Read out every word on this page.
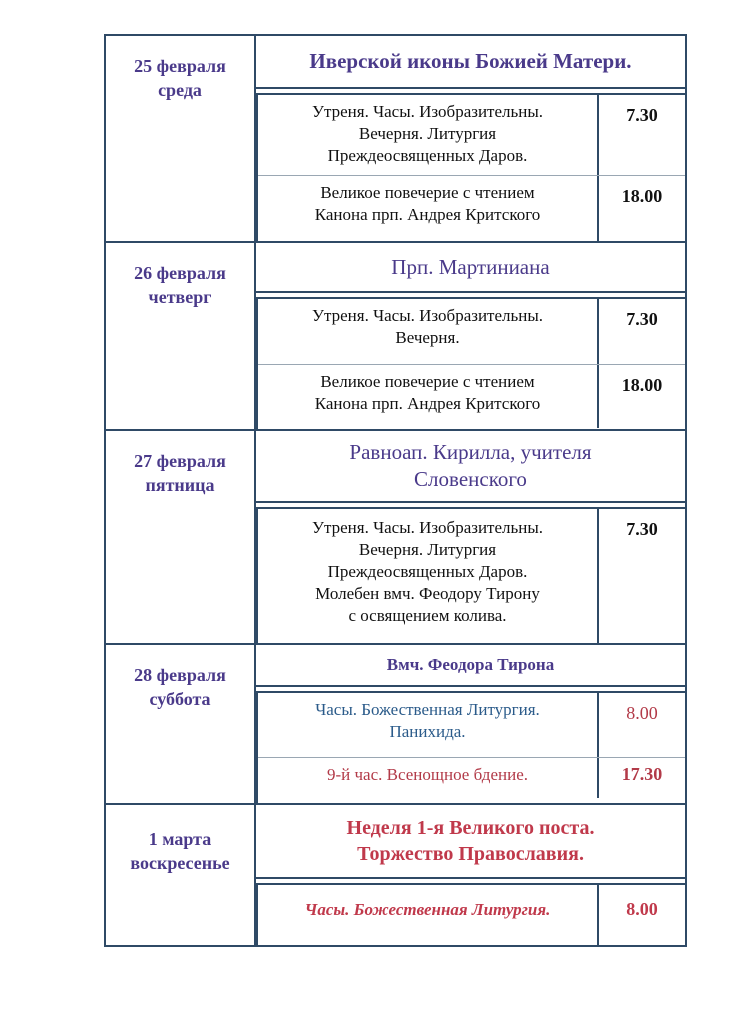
25 февраля
среда
Иверской иконы Божией Матери.
Утреня. Часы. Изобразительны.
Вечерня. Литургия
Преждеосвященных Даров.
7.30
Великое повечерие с чтением
Канона прп. Андрея Критского
18.00
26 февраля
четверг
Прп. Мартиниана
Утреня. Часы. Изобразительны.
Вечерня.
7.30
Великое повечерие с чтением
Канона прп. Андрея Критского
18.00
27 февраля
пятница
Равноап. Кирилла, учителя
Словенского
Утреня. Часы. Изобразительны.
Вечерня. Литургия
Преждеосвященных Даров.
Молебен вмч. Феодору Тирону
с освящением колива.
7.30
28 февраля
суббота
Вмч. Феодора Тирона
Часы. Божественная Литургия.
Панихида.
8.00
9-й час. Всенощное бдение.	17.30
1 марта
воскресенье
Неделя 1-я Великого поста.
Торжество Православия.
Часы. Божественная Литургия.	8.00
